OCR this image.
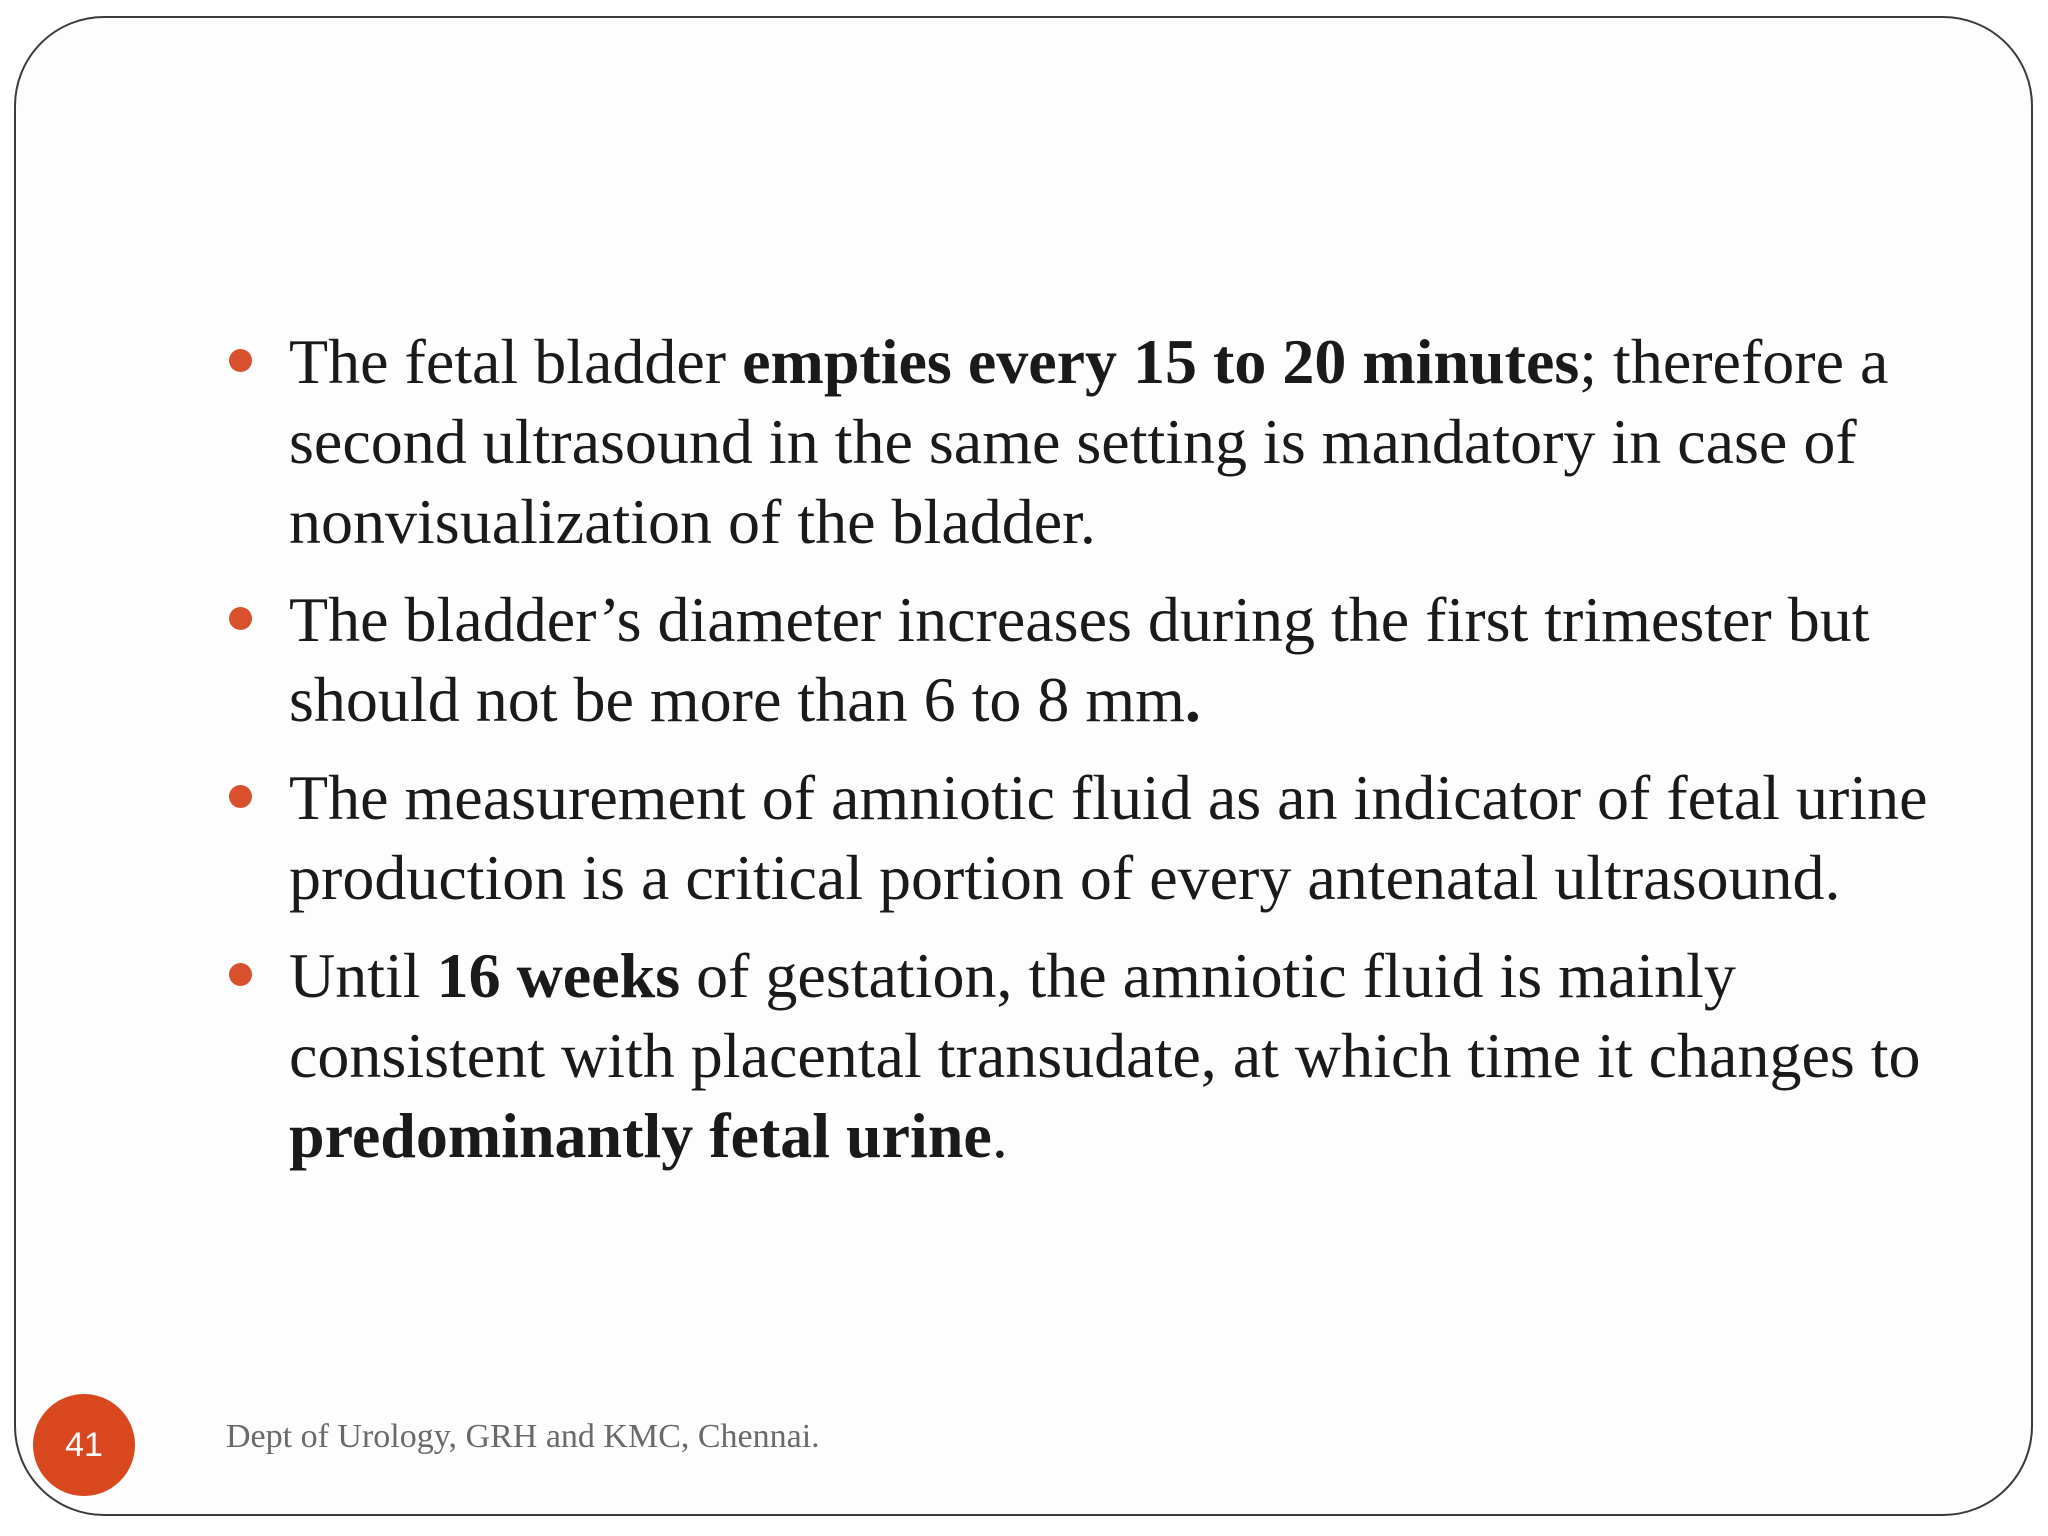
The fetal bladder empties every 15 to 20 minutes; therefore a second ultrasound in the same setting is mandatory in case of nonvisualization of the bladder.
The bladder’s diameter increases during the first trimester but should not be more than 6 to 8 mm.
The measurement of amniotic fluid as an indicator of fetal urine production is a critical portion of every antenatal ultrasound.
Until 16 weeks of gestation, the amniotic fluid is mainly consistent with placental transudate, at which time it changes to predominantly fetal urine.
41	Dept of Urology, GRH and KMC, Chennai.
